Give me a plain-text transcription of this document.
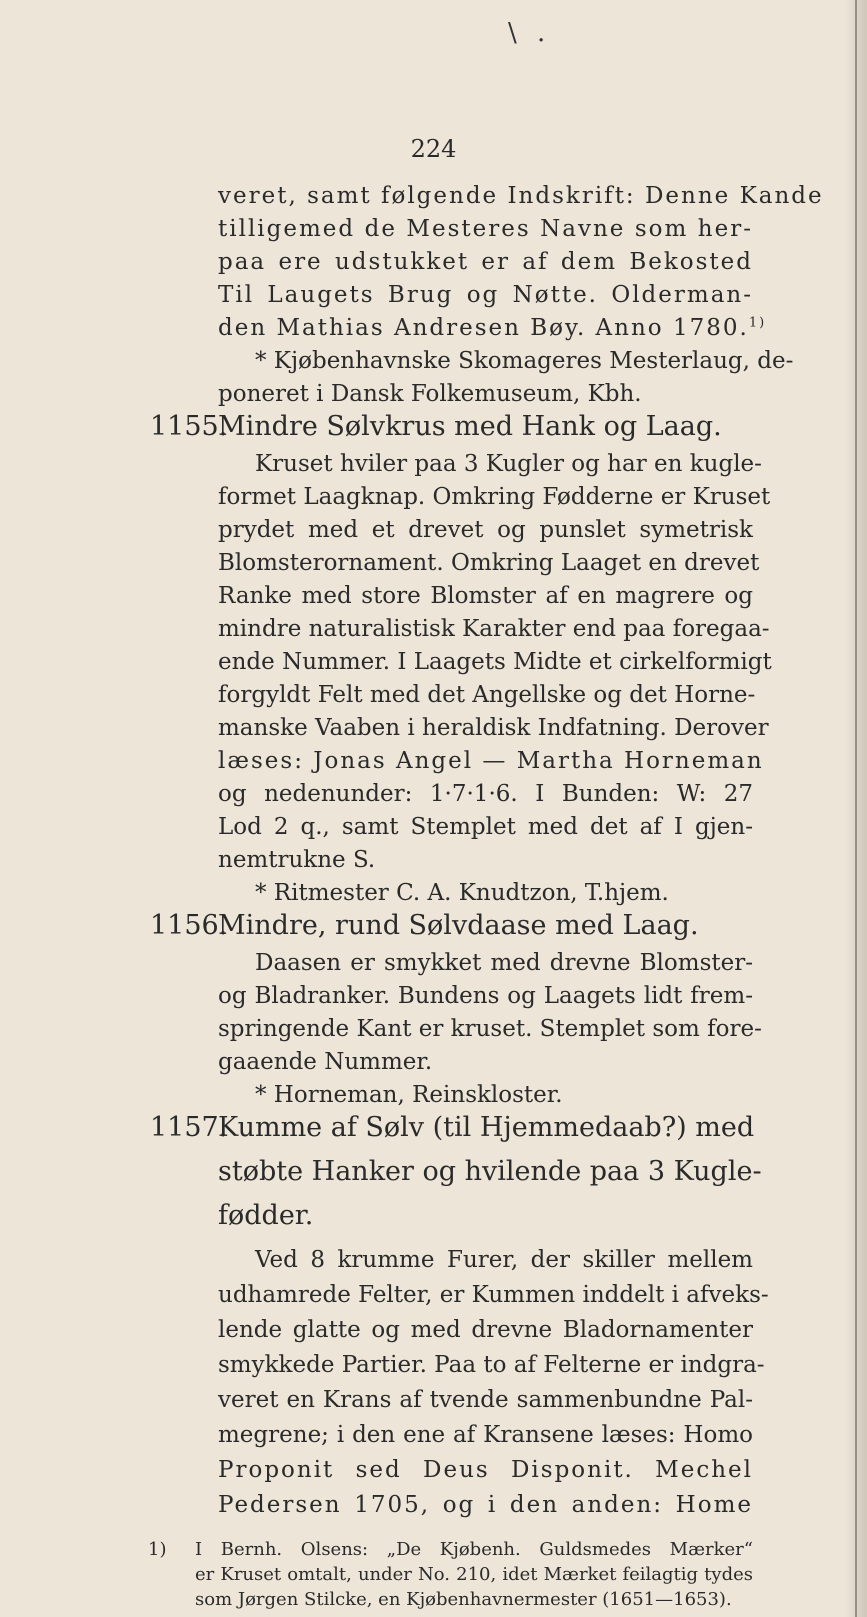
\ .
224
veret, samt følgende Indskrift: Denne Kande
tilligemed de Mesteres Navne som her-
paa ere udstukket er af dem Bekosted
Til Laugets Brug og Nøtte. Olderman-
den Mathias Andresen Bøy. Anno 1780.$^{1)}$
* Kjøbenhavnske Skomageres Mesterlaug, de-
poneret i Dansk Folkemuseum, Kbh.
1155.
Mindre Sølvkrus med Hank og Laag.
Kruset hviler paa 3 Kugler og har en kugle-
formet Laagknap. Omkring Fødderne er Kruset
prydet med et drevet og punslet symetrisk
Blomsterornament. Omkring Laaget en drevet
Ranke med store Blomster af en magrere og
mindre naturalistisk Karakter end paa foregaa-
ende Nummer. I Laagets Midte et cirkelformigt
forgyldt Felt med det Angellske og det Horne-
manske Vaaben i heraldisk Indfatning. Derover
læses: Jonas Angel — Martha Horneman
og nedenunder: 1·7·1·6. I Bunden: W: 27
Lod 2 q., samt Stemplet med det af I gjen-
nemtrukne S.
* Ritmester C. A. Knudtzon, T.hjem.
1156.
Mindre, rund Sølvdaase med Laag.
Daasen er smykket med drevne Blomster-
og Bladranker. Bundens og Laagets lidt frem-
springende Kant er kruset. Stemplet som fore-
gaaende Nummer.
* Horneman, Reinskloster.
1157.
Kumme af Sølv (til Hjemmedaab?) med
støbte Hanker og hvilende paa 3 Kugle-
fødder.
Ved 8 krumme Furer, der skiller mellem
udhamrede Felter, er Kummen inddelt i afveks-
lende glatte og med drevne Bladornamenter
smykkede Partier. Paa to af Felterne er indgra-
veret en Krans af tvende sammenbundne Pal-
megrene; i den ene af Kransene læses: Homo
Proponit sed Deus Disponit. Mechel
Pedersen 1705, og i den anden: Home
1) I Bernh. Olsens: „De Kjøbenh. Guldsmedes Mærker“
er Kruset omtalt, under No. 210, idet Mærket feilagtig tydes
som Jørgen Stilcke, en Kjøbenhavnermester (1651—1653).
